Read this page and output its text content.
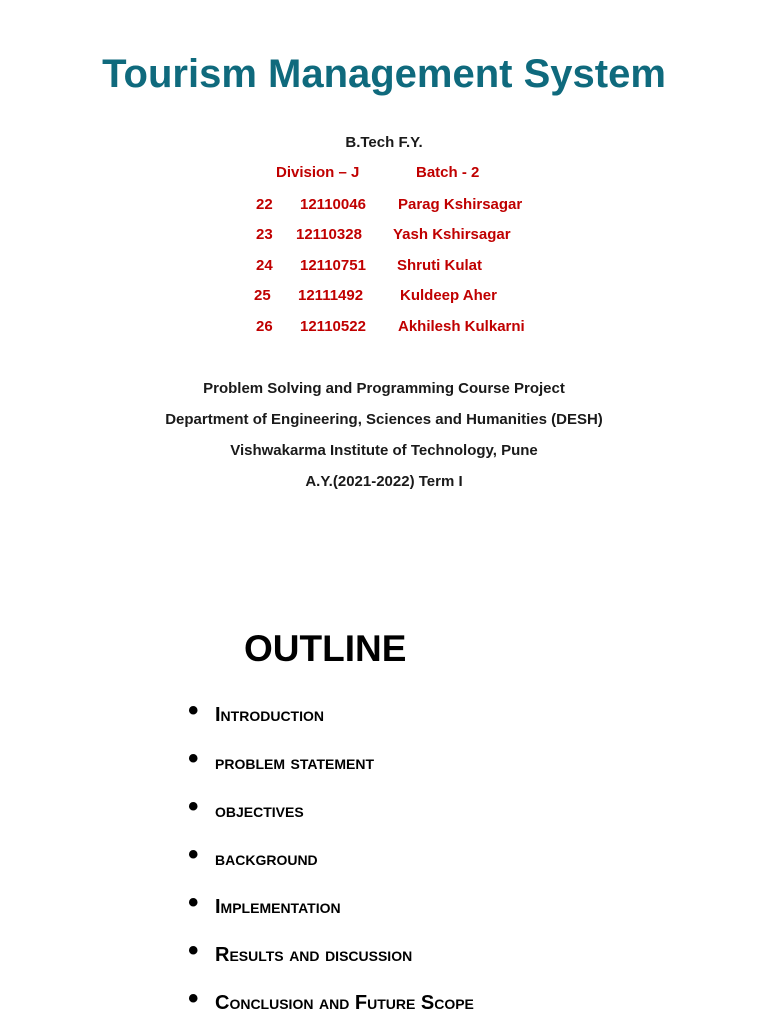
Tourism Management System
B.Tech F.Y.
Division – J	Batch - 2
22 12110046 Parag Kshirsagar
23 12110328 Yash Kshirsagar
24 12110751 Shruti Kulat
25 12111492 Kuldeep Aher
26 12110522 Akhilesh Kulkarni
Problem Solving and Programming Course Project
Department of Engineering, Sciences and Humanities (DESH)
Vishwakarma Institute of Technology, Pune
A.Y.(2021-2022) Term I
OUTLINE
• Introduction
• problem statement
• objectives
• background
• Implementation
• Results and discussion
• Conclusion and Future Scope
